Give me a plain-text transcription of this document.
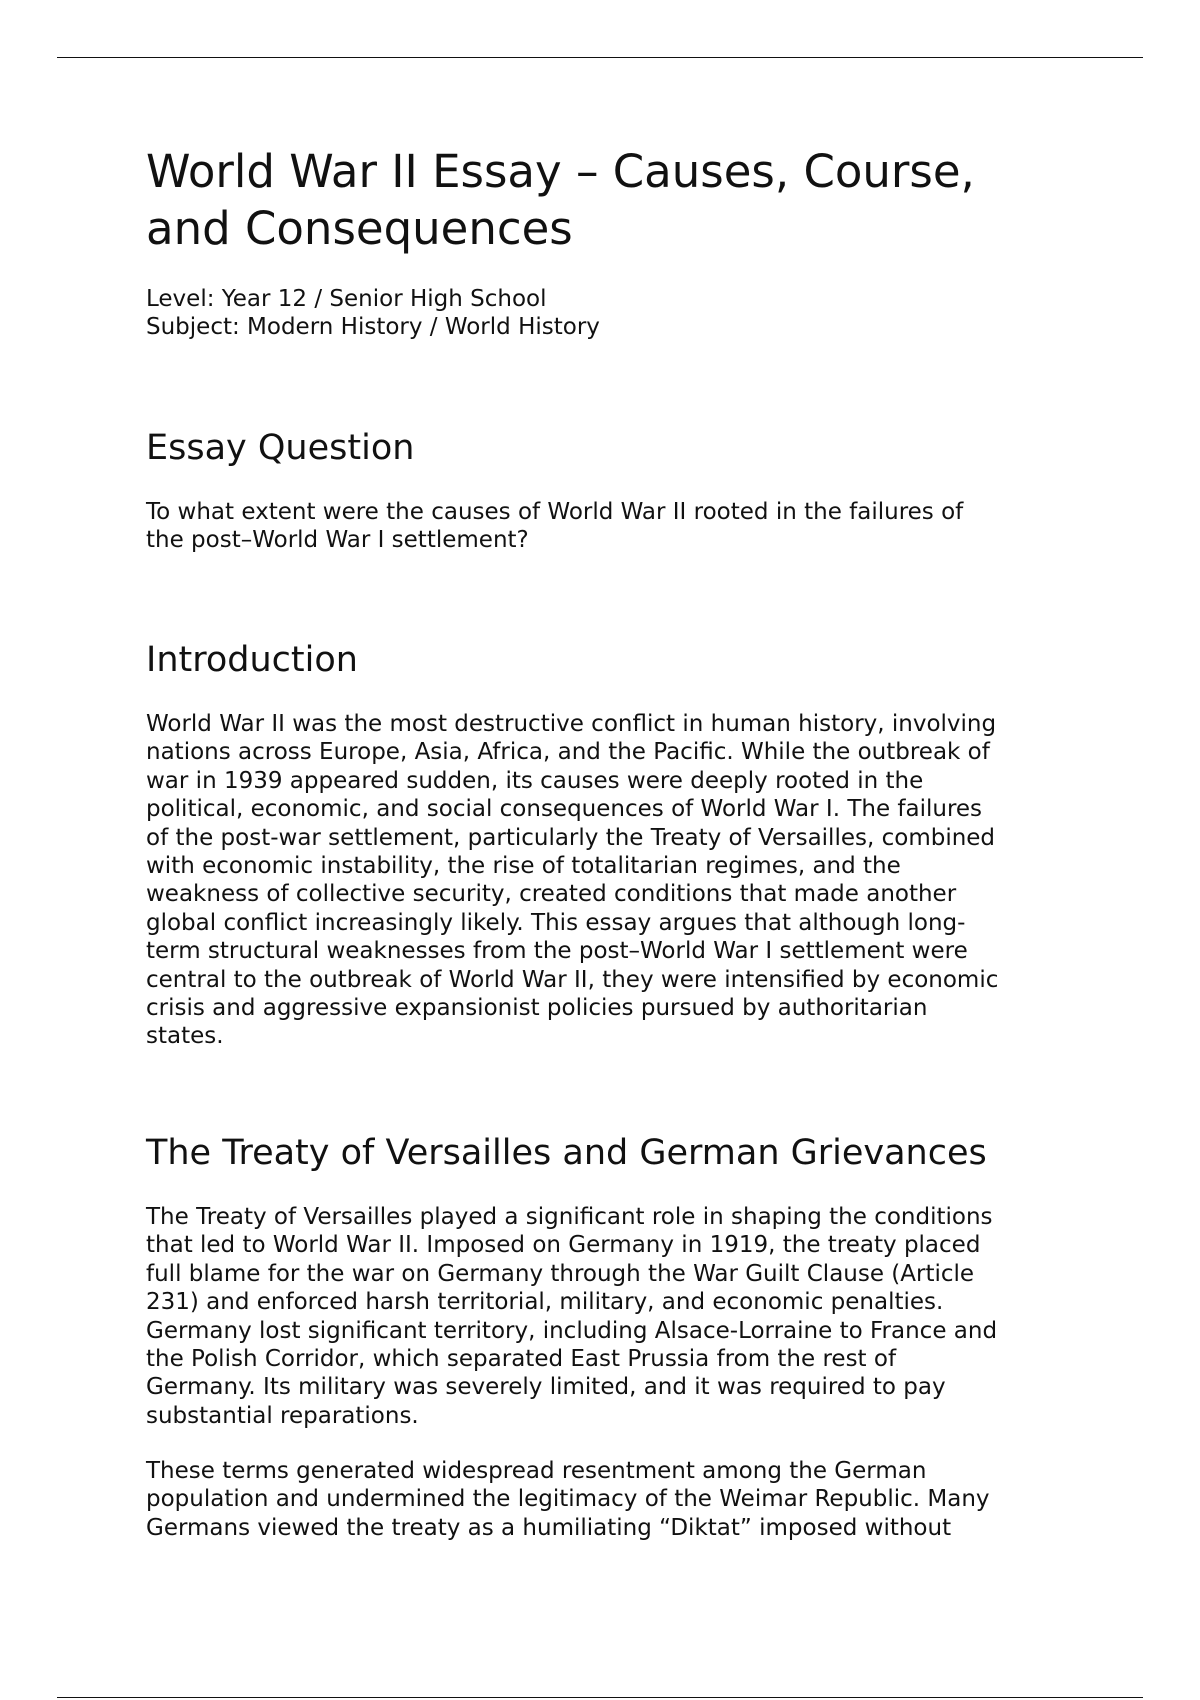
World War II Essay – Causes, Course,
and Consequences
Level: Year 12 / Senior High School
Subject: Modern History / World History
Essay Question

To what extent were the causes of World War II rooted in the failures of
the post–World War I settlement?

Introduction

World War II was the most destructive conflict in human history, involving
nations across Europe, Asia, Africa, and the Pacific. While the outbreak of
war in 1939 appeared sudden, its causes were deeply rooted in the
political, economic, and social consequences of World War I. The failures
of the post-war settlement, particularly the Treaty of Versailles, combined
with economic instability, the rise of totalitarian regimes, and the
weakness of collective security, created conditions that made another
global conflict increasingly likely. This essay argues that although long-
term structural weaknesses from the post–World War I settlement were
central to the outbreak of World War II, they were intensified by economic
crisis and aggressive expansionist policies pursued by authoritarian
states.

The Treaty of Versailles and German Grievances

The Treaty of Versailles played a significant role in shaping the conditions
that led to World War II. Imposed on Germany in 1919, the treaty placed
full blame for the war on Germany through the War Guilt Clause (Article
231) and enforced harsh territorial, military, and economic penalties.
Germany lost significant territory, including Alsace-Lorraine to France and
the Polish Corridor, which separated East Prussia from the rest of
Germany. Its military was severely limited, and it was required to pay
substantial reparations.

These terms generated widespread resentment among the German
population and undermined the legitimacy of the Weimar Republic. Many
Germans viewed the treaty as a humiliating “Diktat” imposed without
